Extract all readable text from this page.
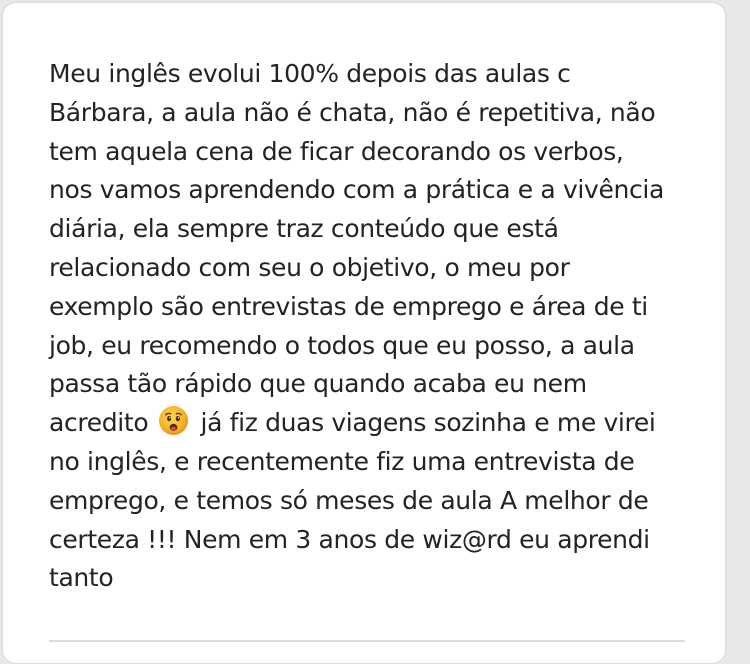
Meu inglês evolui 100% depois das aulas c
Bárbara, a aula não é chata, não é repetitiva, não
tem aquela cena de ficar decorando os verbos,
nos vamos aprendendo com a prática e a vivência
diária, ela sempre traz conteúdo que está
relacionado com seu o objetivo, o meu por
exemplo são entrevistas de emprego e área de ti
job, eu recomendo o todos que eu posso, a aula
passa tão rápido que quando acaba eu nem
acredito já fiz duas viagens sozinha e me virei
no inglês, e recentemente fiz uma entrevista de
emprego, e temos só meses de aula A melhor de
certeza !!! Nem em 3 anos de wiz@rd eu aprendi
tanto
